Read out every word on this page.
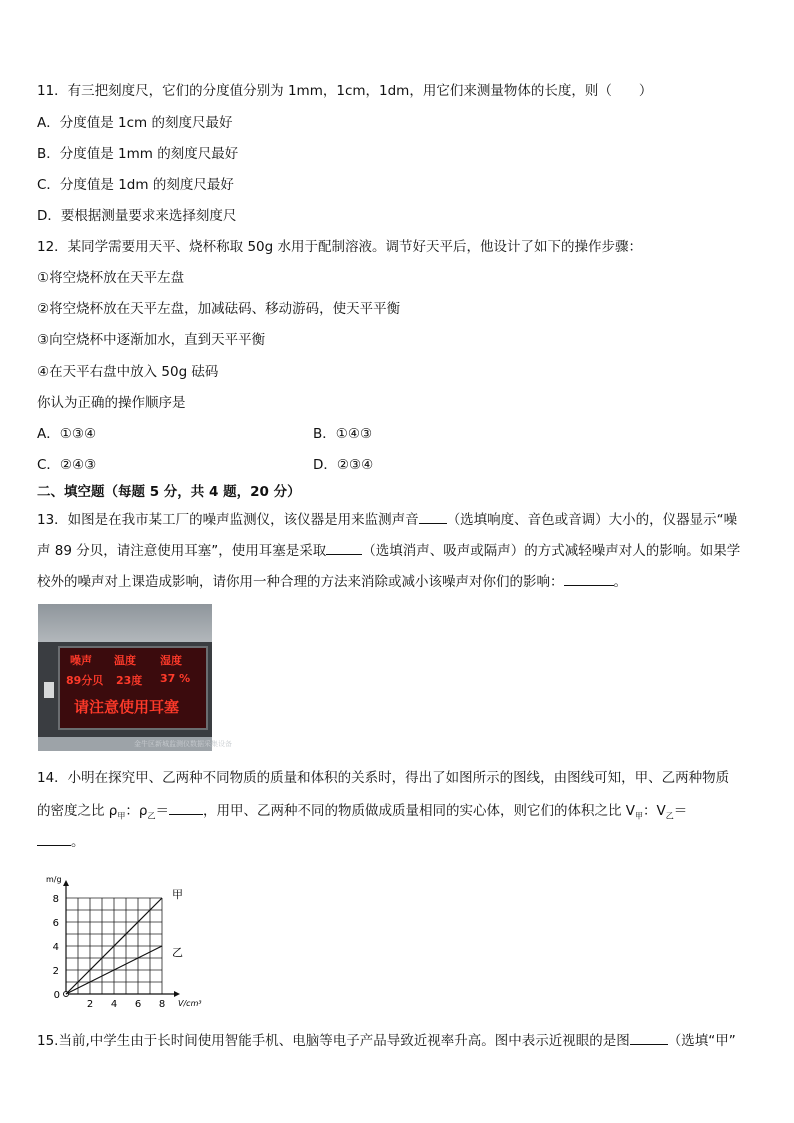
11．有三把刻度尺，它们的分度值分别为 1mm，1cm，1dm，用它们来测量物体的长度，则（　　）
A．分度值是 1cm 的刻度尺最好
B．分度值是 1mm 的刻度尺最好
C．分度值是 1dm 的刻度尺最好
D．要根据测量要求来选择刻度尺
12．某同学需要用天平、烧杯称取 50g 水用于配制溶液。调节好天平后，他设计了如下的操作步骤：
①将空烧杯放在天平左盘
②将空烧杯放在天平左盘，加减砝码、移动游码，使天平平衡
③向空烧杯中逐渐加水，直到天平平衡
④在天平右盘中放入 50g 砝码
你认为正确的操作顺序是
A．①③④	B．①④③
C．②④③	D．②③④
二、填空题（每题 5 分，共 4 题，20 分）
13．如图是在我市某工厂的噪声监测仪，该仪器是用来监测声音 （选填响度、音色或音调）大小的，仪器显示“噪
声 89 分贝，请注意使用耳塞”，使用耳塞是采取	（选填消声、吸声或隔声）的方式减轻噪声对人的影响。如果学
校外的噪声对上课造成影响，请你用一种合理的方法来消除或减小该噪声对你们的影响：	。
噪声 温度 湿度
89分贝 23度 37 %
请注意使用耳塞
金牛区新城监测仪数据采集设备
14．小明在探究甲、乙两种不同物质的质量和体积的关系时，得出了如图所示的图线，由图线可知，甲、乙两种物质
的密度之比 $\rho_甲$：$\rho_乙=$	，用甲、乙两种不同的物质做成质量相同的实心体，则它们的体积之比 $V_甲$：$V_乙=$
。
2 4 6 8
2
4
6
8
0
m/g
V/cm³
甲
乙
15.当前,中学生由于长时间使用智能手机、电脑等电子产品导致近视率升高。图中表示近视眼的是图	（选填“甲”
